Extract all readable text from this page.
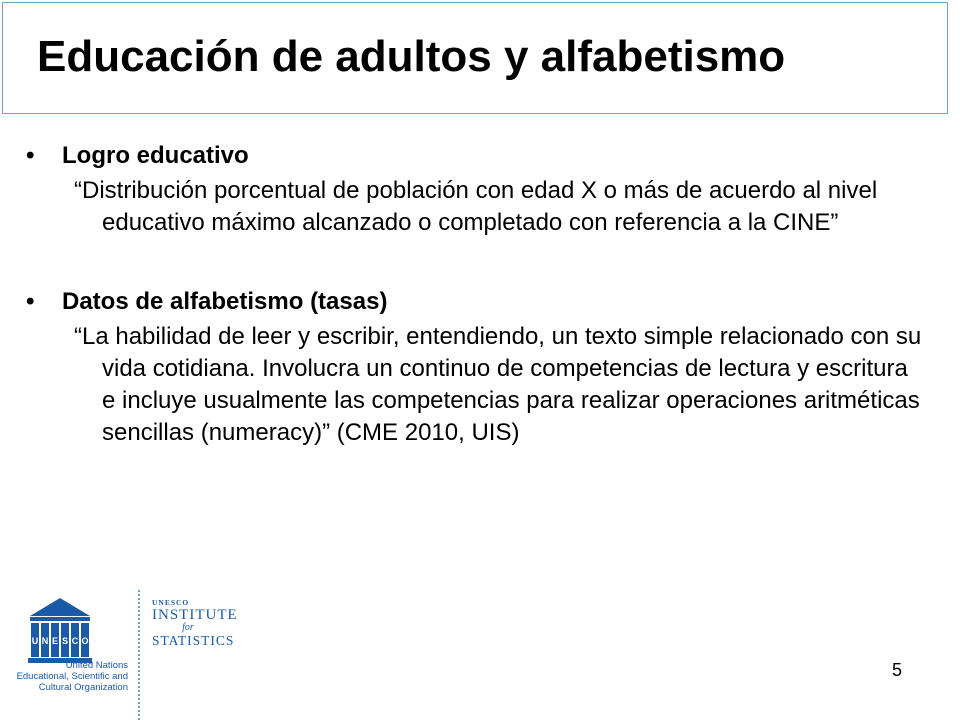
Educación de adultos y alfabetismo
•	Logro educativo
“Distribución porcentual de población con edad X o más de acuerdo al nivel educativo máximo alcanzado o completado con referencia a la CINE”
•	Datos de alfabetismo (tasas)
“La habilidad de leer y escribir, entendiendo, un texto simple relacionado con su vida cotidiana. Involucra un continuo de competencias de lectura y escritura e incluye usualmente las competencias para realizar operaciones aritméticas sencillas (numeracy)” (CME 2010, UIS)
U N E S C O
United Nations
Educational, Scientific and
Cultural Organization
UNESCO
INSTITUTE
for
STATISTICS
5
